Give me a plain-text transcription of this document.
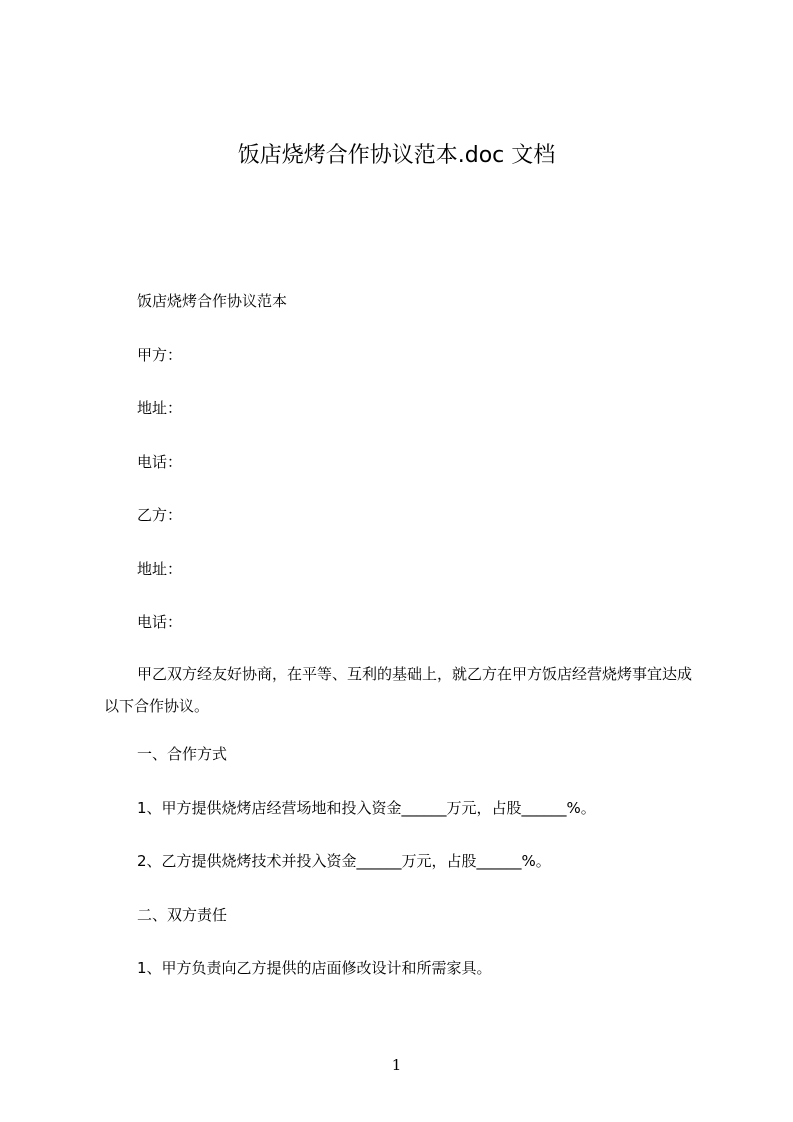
饭店烧烤合作协议范本.doc 文档

饭店烧烤合作协议范本

甲方：

地址：

电话：

乙方：

地址：

电话：

甲乙双方经友好协商，在平等、互利的基础上，就乙方在甲方饭店经营烧烤事宜达成以下合作协议。

一、合作方式

1、甲方提供烧烤店经营场地和投入资金______万元，占股______%。

2、乙方提供烧烤技术并投入资金______万元，占股______%。

二、双方责任

1、甲方负责向乙方提供的店面修改设计和所需家具。

1
